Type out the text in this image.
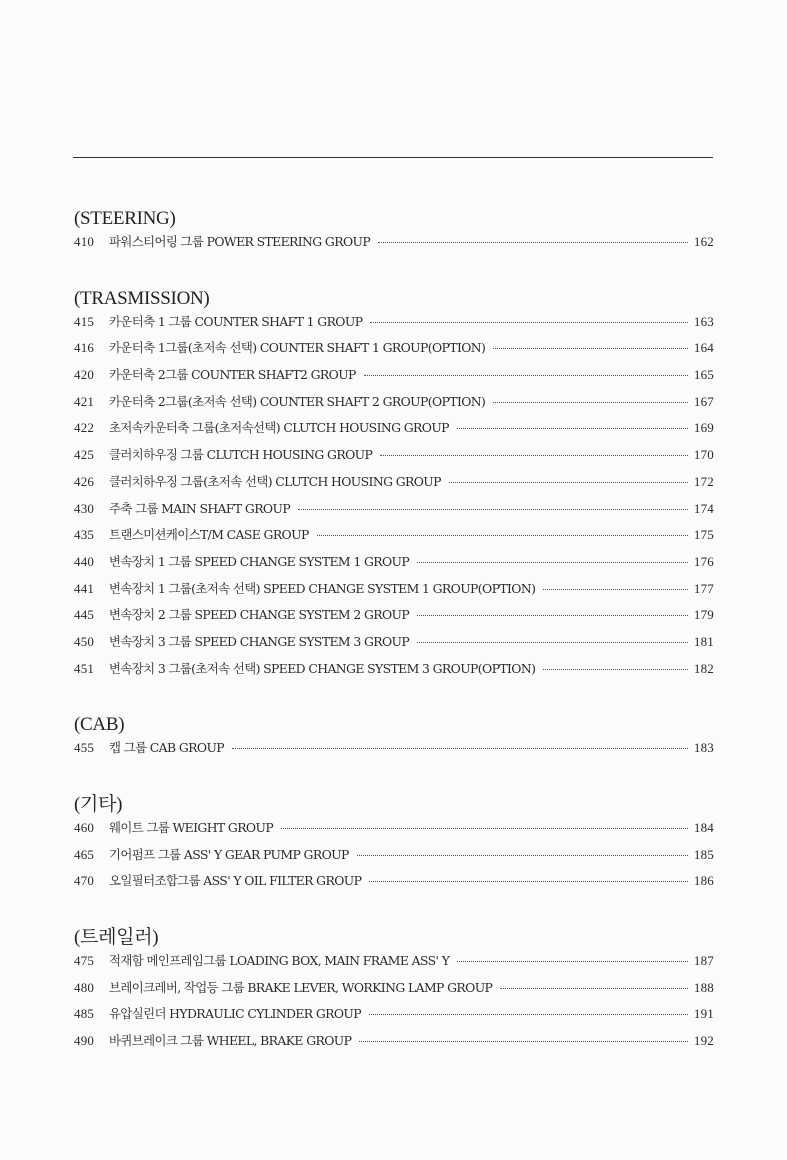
(STEERING)
410	파워스티어링 그룹 POWER STEERING GROUP	162
(TRASMISSION)
415	카운터축 1 그룹 COUNTER SHAFT 1 GROUP	163
416	카운터축 1그룹(초저속 선택) COUNTER SHAFT 1 GROUP(OPTION)	164
420	카운터축 2그룹 COUNTER SHAFT2 GROUP	165
421	카운터축 2그룹(초저속 선택) COUNTER SHAFT 2 GROUP(OPTION)	167
422	초저속카운터축 그룹(초저속선택) CLUTCH HOUSING GROUP	169
425	클러치하우징 그룹 CLUTCH HOUSING GROUP	170
426	클러치하우징 그룹(초저속 선택) CLUTCH HOUSING GROUP	172
430	주축 그룹 MAIN SHAFT GROUP	174
435	트랜스미션케이스T/M CASE GROUP	175
440	변속장치 1 그룹 SPEED CHANGE SYSTEM 1 GROUP	176
441	변속장치 1 그룹(초저속 선택) SPEED CHANGE SYSTEM 1 GROUP(OPTION)	177
445	변속장치 2 그룹 SPEED CHANGE SYSTEM 2 GROUP	179
450	변속장치 3 그룹 SPEED CHANGE SYSTEM 3 GROUP	181
451	변속장치 3 그룹(초저속 선택) SPEED CHANGE SYSTEM 3 GROUP(OPTION)	182
(CAB)
455	캡 그룹 CAB GROUP	183
(기타)
460	웨이트 그룹 WEIGHT GROUP	184
465	기어펌프 그룹 ASS' Y GEAR PUMP GROUP	185
470	오일필터조합그룹 ASS' Y OIL FILTER GROUP	186
(트레일러)
475	적재함 메인프레임그룹 LOADING BOX, MAIN FRAME ASS' Y	187
480	브레이크레버, 작업등 그룹 BRAKE LEVER, WORKING LAMP GROUP	188
485	유압실린더 HYDRAULIC CYLINDER GROUP	191
490	바퀴브레이크 그룹 WHEEL, BRAKE GROUP	192
